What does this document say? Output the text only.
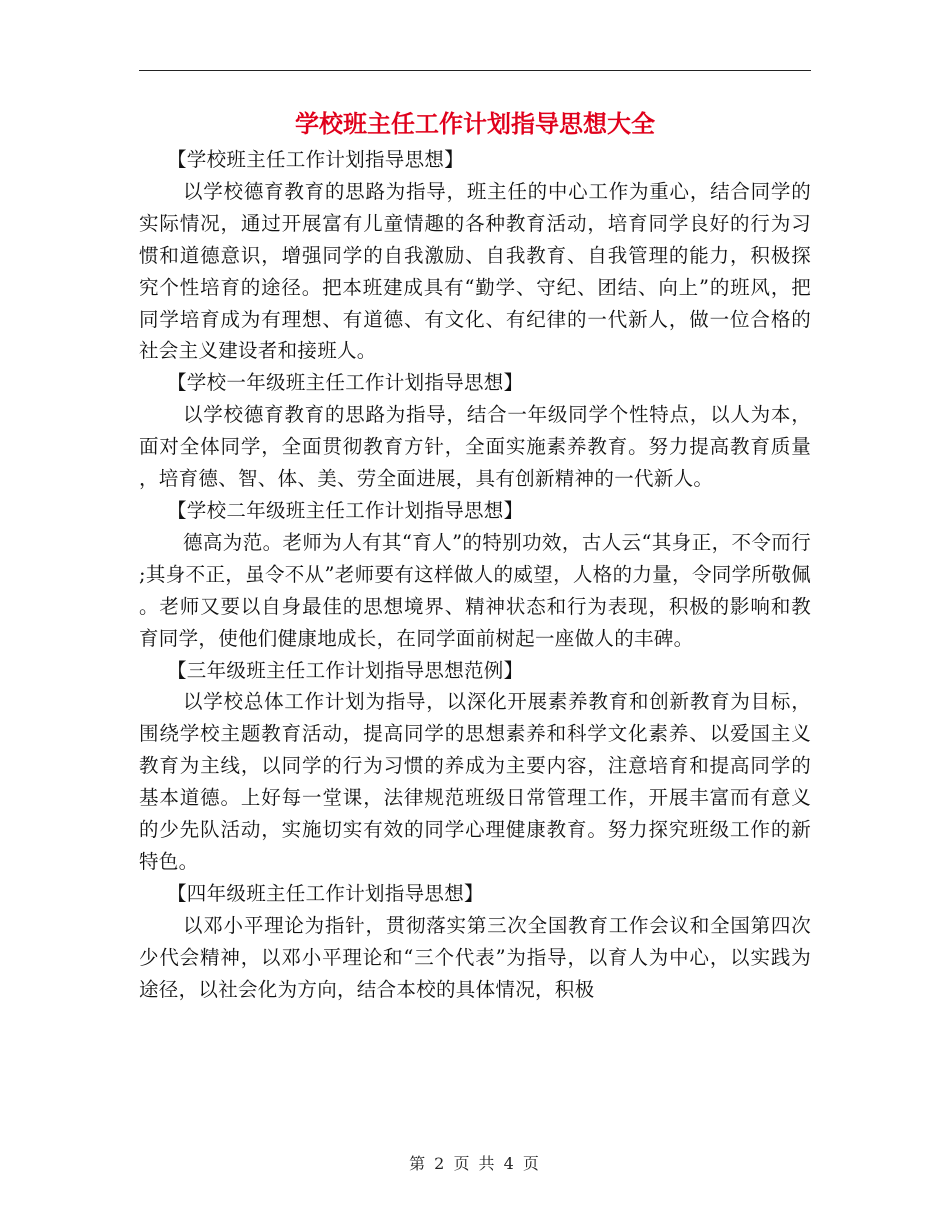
学校班主任工作计划指导思想大全

【学校班主任工作计划指导思想】

以学校德育教育的思路为指导，班主任的中心工作为重心，结合同学的实际情况，通过开展富有儿童情趣的各种教育活动，培育同学良好的行为习惯和道德意识，增强同学的自我激励、自我教育、自我管理的能力，积极探究个性培育的途径。把本班建成具有“勤学、守纪、团结、向上”的班风，把同学培育成为有理想、有道德、有文化、有纪律的一代新人，做一位合格的社会主义建设者和接班人。

【学校一年级班主任工作计划指导思想】

以学校德育教育的思路为指导，结合一年级同学个性特点，以人为本，面对全体同学，全面贯彻教育方针，全面实施素养教育。努力提高教育质量，培育德、智、体、美、劳全面进展，具有创新精神的一代新人。

【学校二年级班主任工作计划指导思想】

德高为范。老师为人有其“育人”的特别功效，古人云“其身正，不令而行;其身不正，虽令不从”老师要有这样做人的威望，人格的力量，令同学所敬佩。老师又要以自身最佳的思想境界、精神状态和行为表现，积极的影响和教育同学，使他们健康地成长，在同学面前树起一座做人的丰碑。

【三年级班主任工作计划指导思想范例】

以学校总体工作计划为指导，以深化开展素养教育和创新教育为目标，围绕学校主题教育活动，提高同学的思想素养和科学文化素养、以爱国主义教育为主线，以同学的行为习惯的养成为主要内容，注意培育和提高同学的基本道德。上好每一堂课，法律规范班级日常管理工作，开展丰富而有意义的少先队活动，实施切实有效的同学心理健康教育。努力探究班级工作的新特色。

【四年级班主任工作计划指导思想】

以邓小平理论为指针，贯彻落实第三次全国教育工作会议和全国第四次少代会精神，以邓小平理论和“三个代表”为指导，以育人为中心，以实践为途径，以社会化为方向，结合本校的具体情况，积极

第 2 页 共 4 页
